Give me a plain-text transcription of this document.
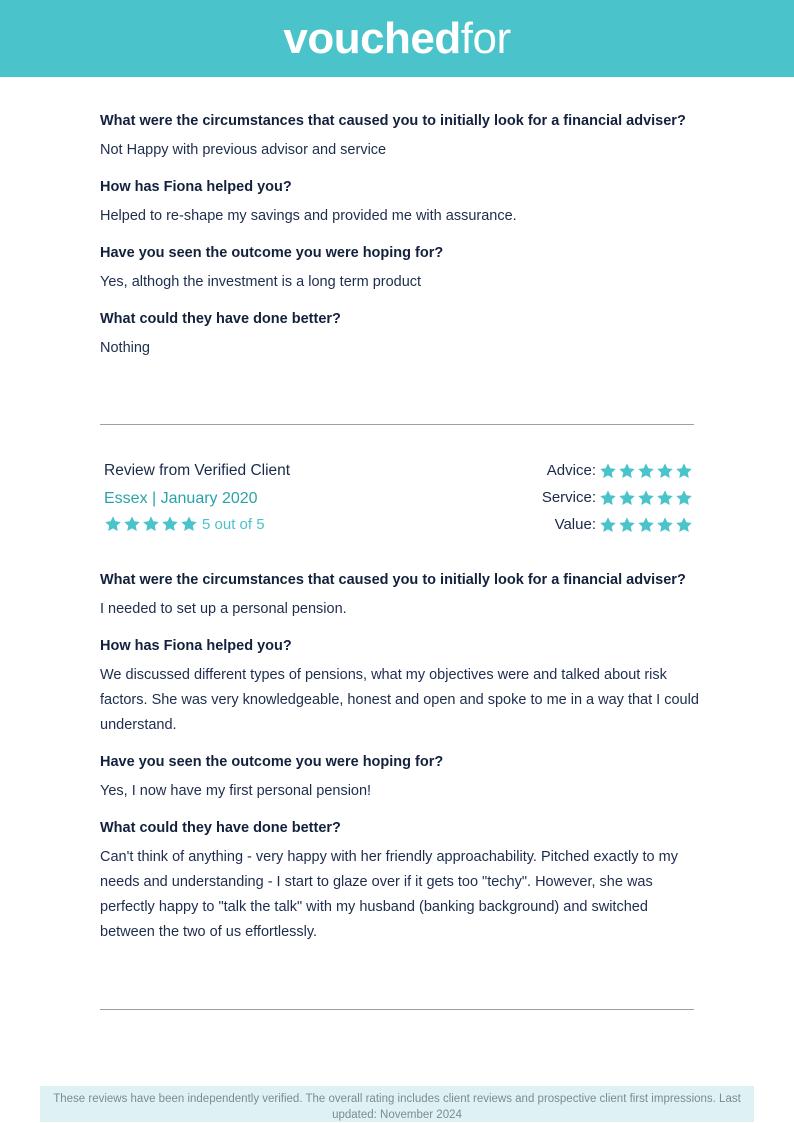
vouchedfor

What were the circumstances that caused you to initially look for a financial adviser?

Not Happy with previous advisor and service

How has Fiona helped you?

Helped to re-shape my savings and provided me with assurance.

Have you seen the outcome you were hoping for?

Yes, althogh the investment is a long term product

What could they have done better?

Nothing

Review from Verified Client

Essex | January 2020

5 out of 5
Advice:
Service:
Value:

What were the circumstances that caused you to initially look for a financial adviser?

I needed to set up a personal pension.

How has Fiona helped you?

We discussed different types of pensions, what my objectives were and talked about risk factors. She was very knowledgeable, honest and open and spoke to me in a way that I could understand.

Have you seen the outcome you were hoping for?

Yes, I now have my first personal pension!

What could they have done better?

Can't think of anything - very happy with her friendly approachability. Pitched exactly to my needs and understanding - I start to glaze over if it gets too "techy". However, she was perfectly happy to "talk the talk" with my husband (banking background) and switched between the two of us effortlessly.

These reviews have been independently verified. The overall rating includes client reviews and prospective client first impressions. Last updated: November 2024
